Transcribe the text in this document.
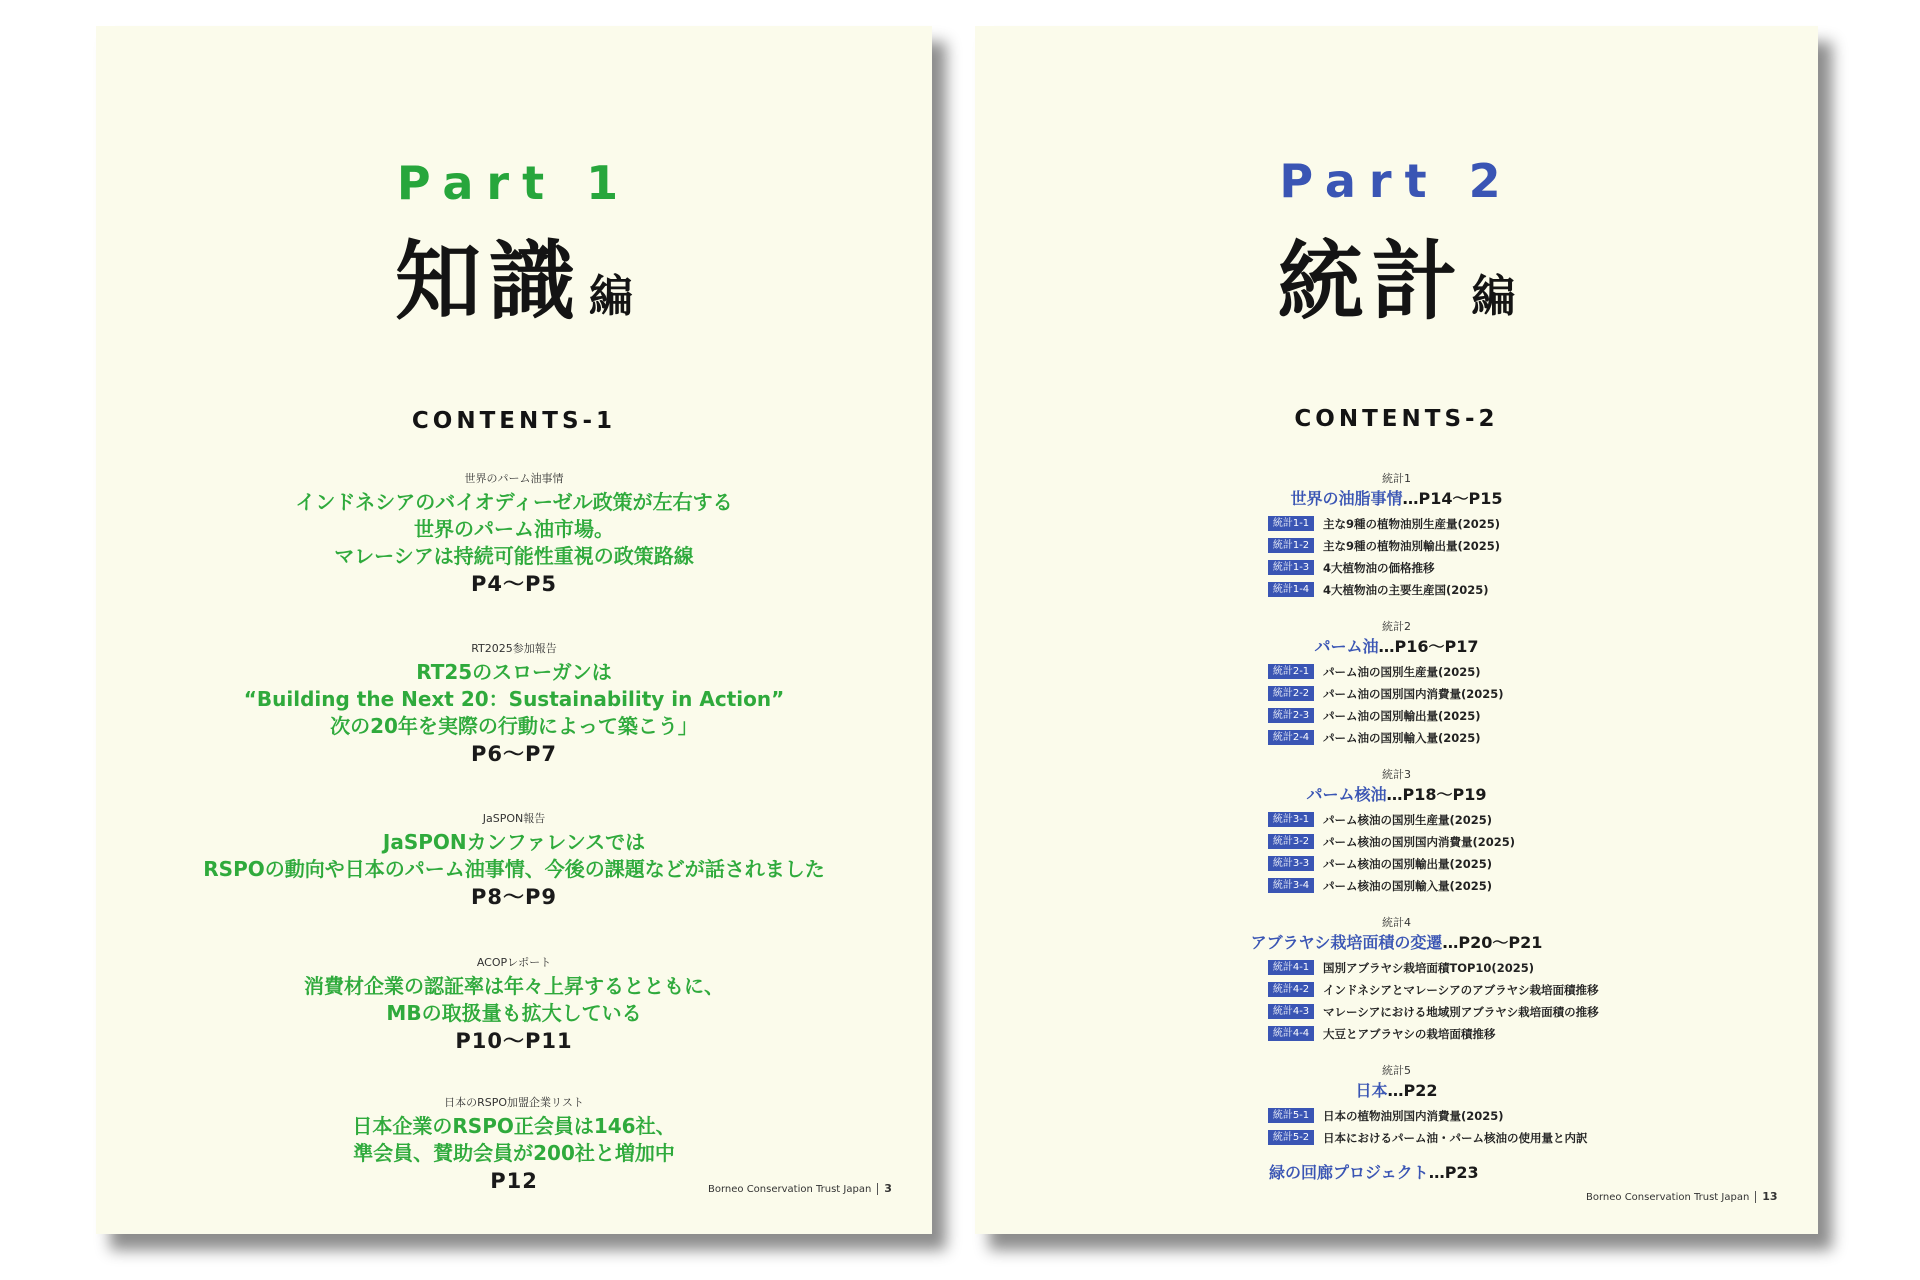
Part 1
知識 編
CONTENTS-1
世界のパーム油事情
インドネシアのバイオディーゼル政策が左右する
世界のパーム油市場。
マレーシアは持続可能性重視の政策路線
P4～P5
RT2025参加報告
RT25のスローガンは
“Building the Next 20：Sustainability in Action”
次の20年を実際の行動によって築こう」
P6～P7
JaSPON報告
JaSPONカンファレンスでは
RSPOの動向や日本のパーム油事情、今後の課題などが話されました
P8～P9
ACOPレポート
消費材企業の認証率は年々上昇するとともに、
MBの取扱量も拡大している
P10～P11
日本のRSPO加盟企業リスト
日本企業のRSPO正会員は146社、
準会員、賛助会員が200社と増加中
P12	Borneo Conservation Trust Japan 3
Part 2
統計 編
CONTENTS-2
統計1
世界の油脂事情…P14～P15
統計1-1	主な9種の植物油別生産量(2025)
統計1-2	主な9種の植物油別輸出量(2025)
統計1-3	4大植物油の価格推移
統計1-4	4大植物油の主要生産国(2025)
統計2
パーム油…P16～P17
統計2-1	パーム油の国別生産量(2025)
統計2-2	パーム油の国別国内消費量(2025)
統計2-3	パーム油の国別輸出量(2025)
統計2-4	パーム油の国別輸入量(2025)
統計3
パーム核油…P18～P19
統計3-1	パーム核油の国別生産量(2025)
統計3-2	パーム核油の国別国内消費量(2025)
統計3-3	パーム核油の国別輸出量(2025)
統計3-4	パーム核油の国別輸入量(2025)
統計4
アブラヤシ栽培面積の変遷…P20～P21
統計4-1	国別アブラヤシ栽培面積TOP10(2025)
統計4-2	インドネシアとマレーシアのアブラヤシ栽培面積推移
統計4-3	マレーシアにおける地域別アブラヤシ栽培面積の推移
統計4-4	大豆とアブラヤシの栽培面積推移
統計5
日本…P22
統計5-1	日本の植物油別国内消費量(2025)
統計5-2	日本におけるパーム油・パーム核油の使用量と内訳
緑の回廊プロジェクト…P23
Borneo Conservation Trust Japan 13
